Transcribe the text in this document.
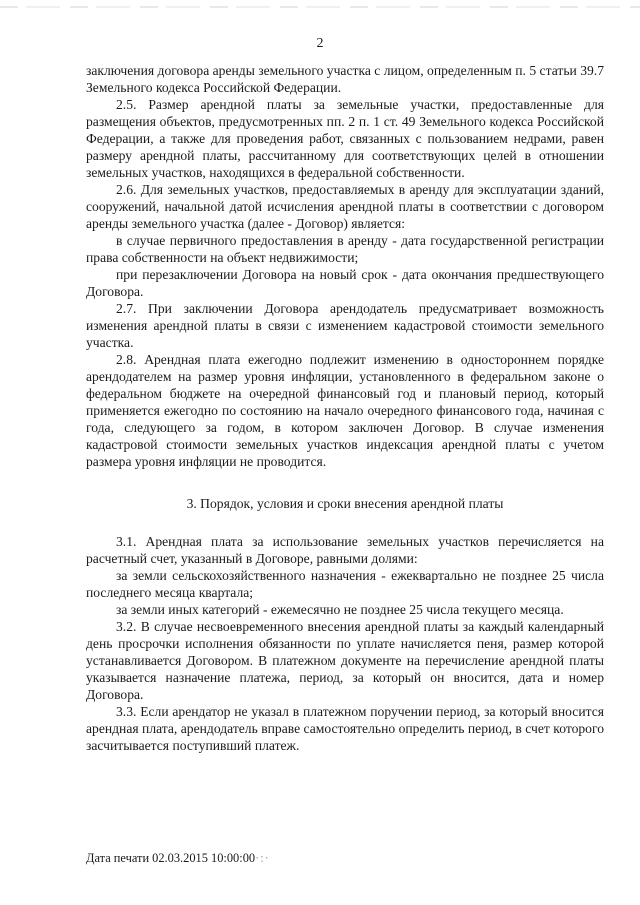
2

заключения договора аренды земельного участка с лицом, определенным п. 5 статьи 39.7 Земельного кодекса Российской Федерации.

2.5. Размер арендной платы за земельные участки, предоставленные для размещения объектов, предусмотренных пп. 2 п. 1 ст. 49 Земельного кодекса Российской Федерации, а также для проведения работ, связанных с пользованием недрами, равен размеру арендной платы, рассчитанному для соответствующих целей в отношении земельных участков, находящихся в федеральной собственности.

2.6. Для земельных участков, предоставляемых в аренду для эксплуатации зданий, сооружений, начальной датой исчисления арендной платы в соответствии с договором аренды земельного участка (далее - Договор) является:

в случае первичного предоставления в аренду - дата государственной регистрации права собственности на объект недвижимости;

при перезаключении Договора на новый срок - дата окончания предшествующего Договора.

2.7. При заключении Договора арендодатель предусматривает возможность изменения арендной платы в связи с изменением кадастровой стоимости земельного участка.

2.8. Арендная плата ежегодно подлежит изменению в одностороннем порядке арендодателем на размер уровня инфляции, установленного в федеральном законе о федеральном бюджете на очередной финансовый год и плановый период, который применяется ежегодно по состоянию на начало очередного финансового года, начиная с года, следующего за годом, в котором заключен Договор. В случае изменения кадастровой стоимости земельных участков индексация арендной платы с учетом размера уровня инфляции не проводится.

3. Порядок, условия и сроки внесения арендной платы

3.1. Арендная плата за использование земельных участков перечисляется на расчетный счет, указанный в Договоре, равными долями:

за земли сельскохозяйственного назначения - ежеквартально не позднее 25 числа последнего месяца квартала;

за земли иных категорий - ежемесячно не позднее 25 числа текущего месяца.

3.2. В случае несвоевременного внесения арендной платы за каждый календарный день просрочки исполнения обязанности по уплате начисляется пеня, размер которой устанавливается Договором. В платежном документе на перечисление арендной платы указывается назначение платежа, период, за который он вносится, дата и номер Договора.

3.3. Если арендатор не указал в платежном поручении период, за который вносится арендная плата, арендодатель вправе самостоятельно определить период, в счет которого засчитывается поступивший платеж.

Дата печати 02.03.2015 10:00:00·:·
